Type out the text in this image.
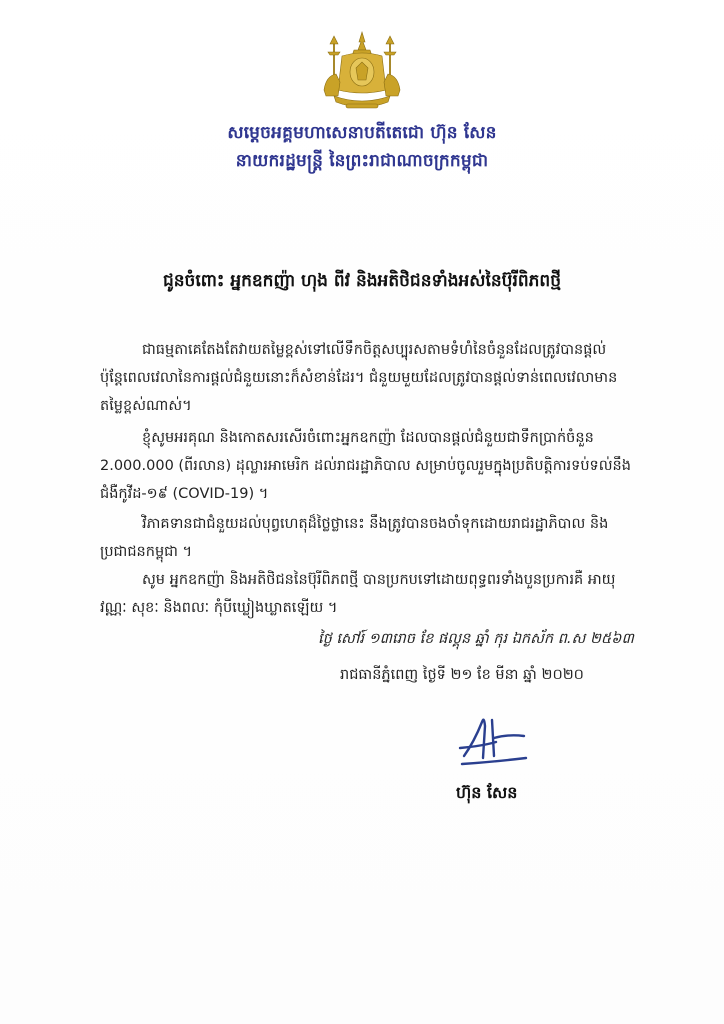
សម្តេចអគ្គមហាសេនាបតីតេជោ ហ៊ុន សែន
នាយករដ្ឋមន្ត្រី នៃព្រះរាជាណាចក្រកម្ពុជា
ជូនចំពោះ អ្នកឧកញ៉ា ហុង ពីវ និងអតិថិជនទាំងអស់នៃប៊ុរីពិភពថ្មី
ជាធម្មតាគេតែងតែវាយតម្លៃខ្ពស់ទៅលើទឹកចិត្តសប្បុរសតាមទំហំនៃចំនួនដែលត្រូវបានផ្តល់ ប៉ុន្តែពេលវេលានៃការផ្តល់ជំនួយនោះក៏សំខាន់ដែរ។ ជំនួយមួយដែលត្រូវបានផ្តល់ទាន់ពេលវេលាមានតម្លៃខ្ពស់ណាស់។
ខ្ញុំសូមអរគុណ និងកោតសរសើរចំពោះអ្នកឧកញ៉ា ដែលបានផ្តល់ជំនួយជាទឹកប្រាក់ចំនួន 2.000.000 (ពីរលាន) ដុល្លារអាមេរិក ដល់រាជរដ្ឋាភិបាល សម្រាប់ចូលរួមក្នុងប្រតិបត្តិការទប់ទល់នឹងជំងឺកូវីដ-១៩ (COVID-19) ។
វិភាគទានជាជំនួយដល់បុព្វហេតុដ៏ថ្លៃថ្លានេះ នឹងត្រូវបានចងចាំទុកដោយរាជរដ្ឋាភិបាល និងប្រជាជនកម្ពុជា ។
សូម អ្នកឧកញ៉ា និងអតិថិជននៃប៊ុរីពិភពថ្មី បានប្រកបទៅដោយពុទ្ធពរទាំងបួនប្រការគឺ អាយុ វណ្ណៈ សុខៈ និងពលៈ កុំបីឃ្លៀងឃ្លាតឡើយ ។
ថ្ងៃ សៅរ៍ ១៣រោច ខែ ផល្គុន ឆ្នាំ កុរ ឯកស័ក ព.ស ២៥៦៣
រាជធានីភ្នំពេញ ថ្ងៃទី ២១ ខែ មីនា ឆ្នាំ ២០២០
ហ៊ុន សែន
